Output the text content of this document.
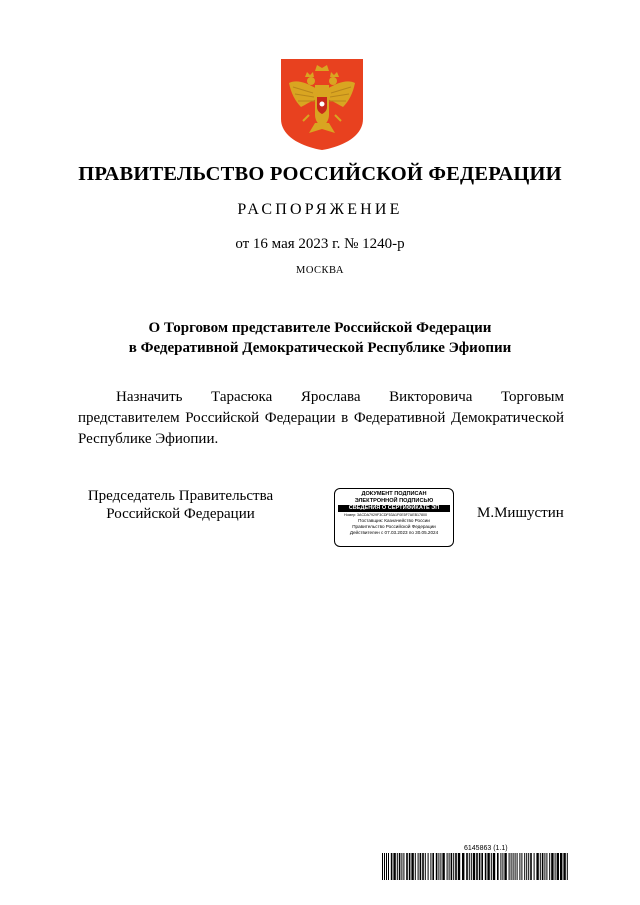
ПРАВИТЕЛЬСТВО РОССИЙСКОЙ ФЕДЕРАЦИИ
РАСПОРЯЖЕНИЕ
от 16 мая 2023 г. № 1240-р
МОСКВА
О Торговом представителе Российской Федерации
в Федеративной Демократической Республике Эфиопии
Назначить Тарасюка Ярослава Викторовича Торговым представителем Российской Федерации в Федеративной Демократической Республике Эфиопии.
Председатель Правительства
Российской Федерации
ДОКУМЕНТ ПОДПИСАН
ЭЛЕКТРОННОЙ ПОДПИСЬЮ
СВЕДЕНИЯ О СЕРТИФИКАТЕ ЭП
Номер: 3ACDA7929F3CDF53A1F0E5F7AEB17800
Поставщик: Казначейство России
Правительство Российской Федерации
Действителен с 07.03.2023 по 30.05.2024
М.Мишустин
6145863 (1.1)
